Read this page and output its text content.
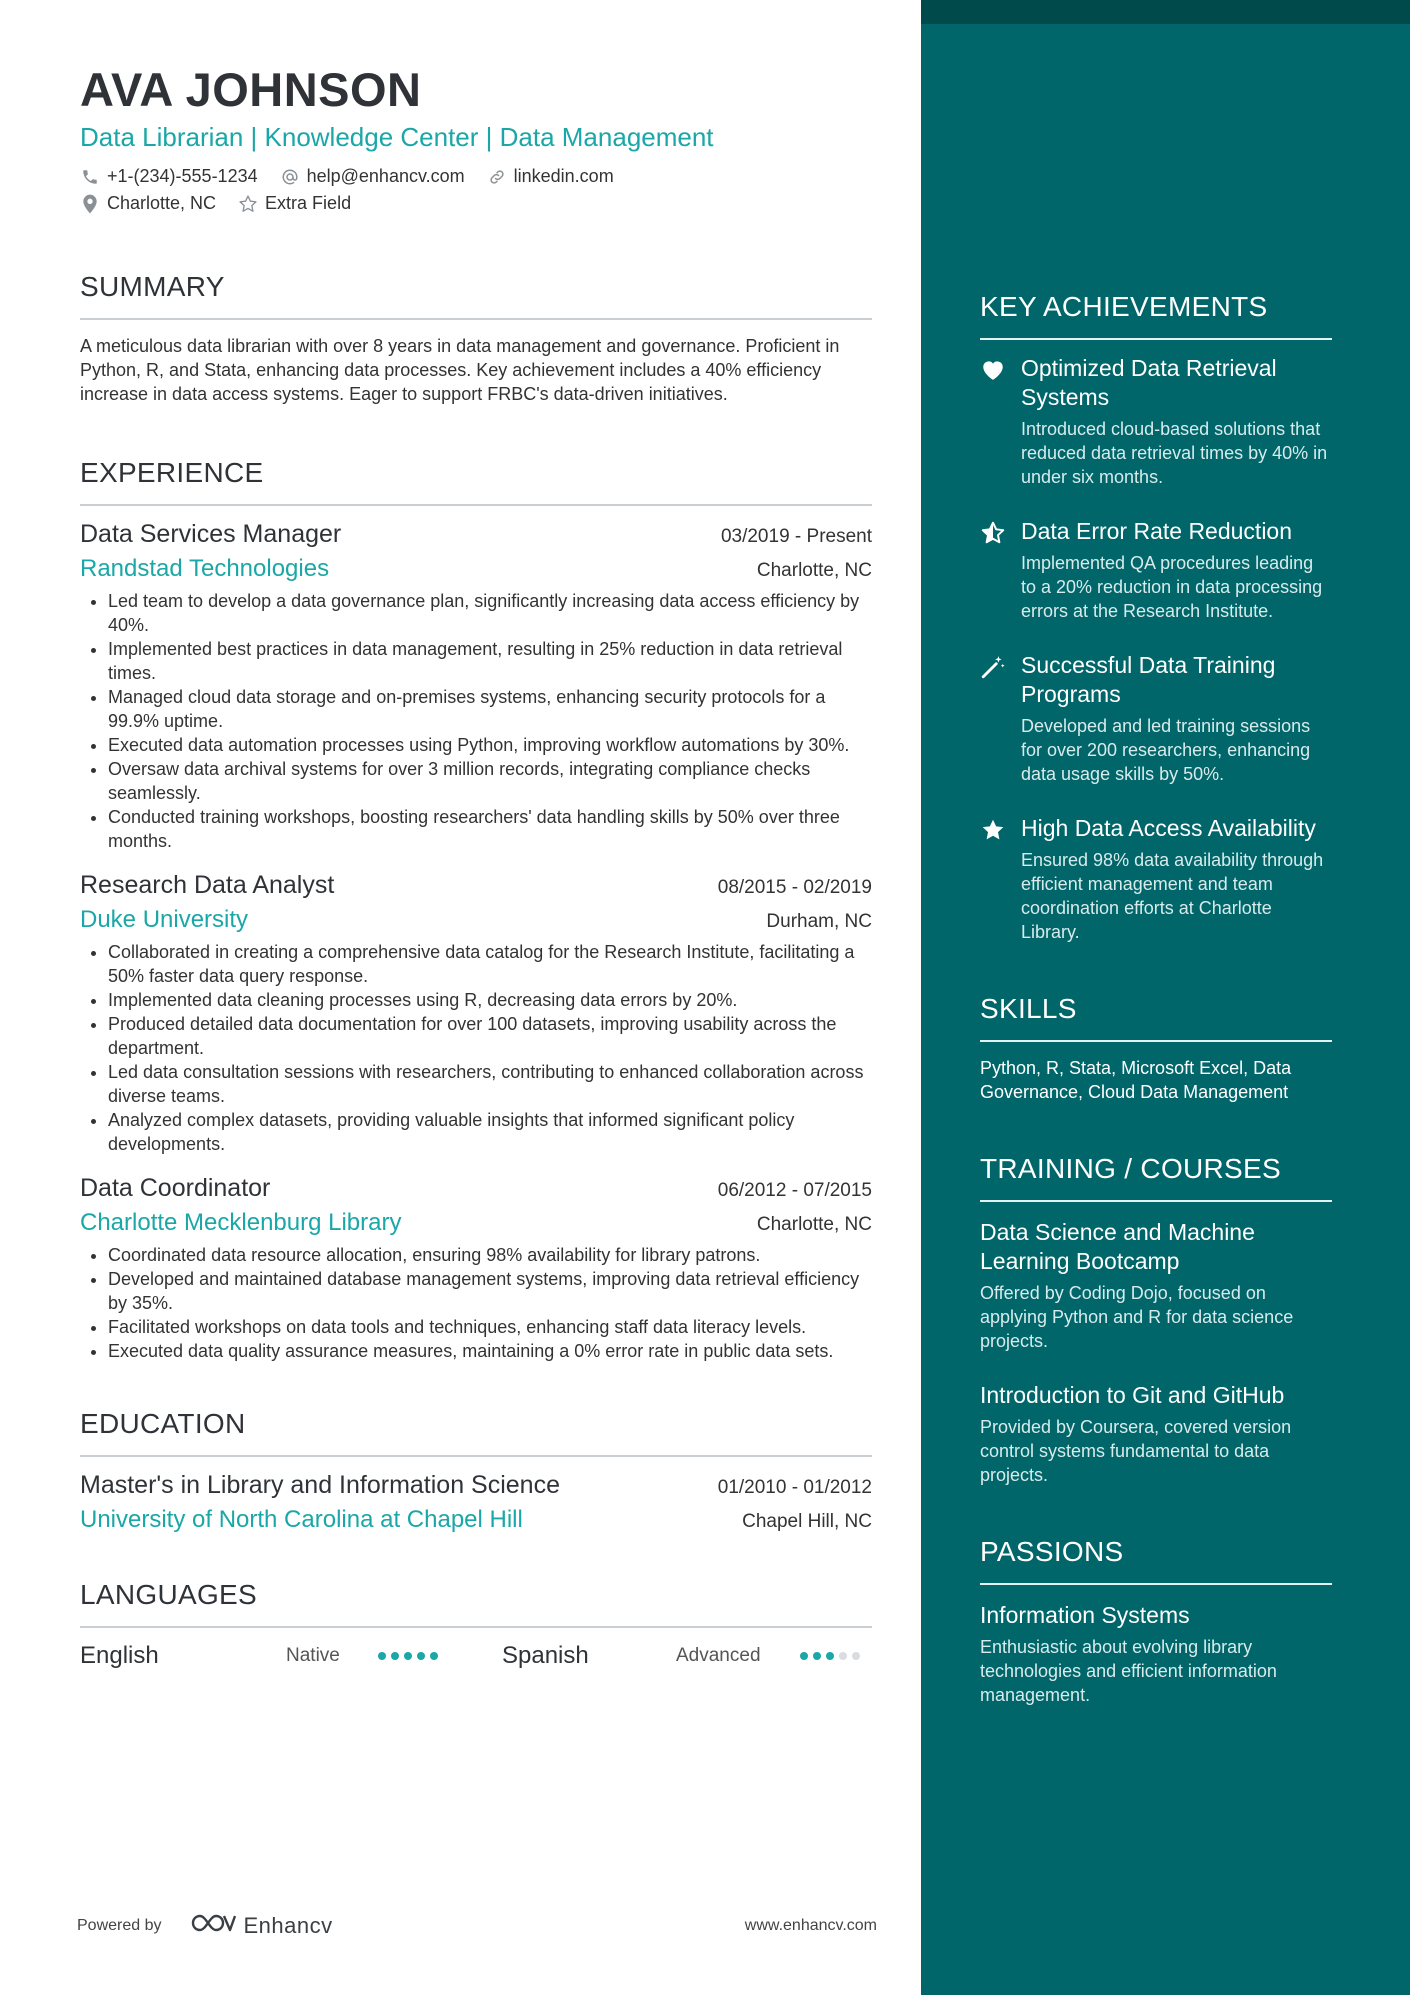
AVA JOHNSON
Data Librarian | Knowledge Center | Data Management
+1-(234)-555-1234	help@enhancv.com	linkedin.com
Charlotte, NC	Extra Field
SUMMARY
A meticulous data librarian with over 8 years in data management and governance. Proficient in Python, R, and Stata, enhancing data processes. Key achievement includes a 40% efficiency increase in data access systems. Eager to support FRBC's data-driven initiatives.
EXPERIENCE
Data Services Manager	03/2019 - Present
Randstad Technologies	Charlotte, NC
• Led team to develop a data governance plan, significantly increasing data access efficiency by 40%.
• Implemented best practices in data management, resulting in 25% reduction in data retrieval times.
• Managed cloud data storage and on-premises systems, enhancing security protocols for a 99.9% uptime.
• Executed data automation processes using Python, improving workflow automations by 30%.
• Oversaw data archival systems for over 3 million records, integrating compliance checks seamlessly.
• Conducted training workshops, boosting researchers' data handling skills by 50% over three months.
Research Data Analyst	08/2015 - 02/2019
Duke University	Durham, NC
• Collaborated in creating a comprehensive data catalog for the Research Institute, facilitating a 50% faster data query response.
• Implemented data cleaning processes using R, decreasing data errors by 20%.
• Produced detailed data documentation for over 100 datasets, improving usability across the department.
• Led data consultation sessions with researchers, contributing to enhanced collaboration across diverse teams.
• Analyzed complex datasets, providing valuable insights that informed significant policy developments.
Data Coordinator	06/2012 - 07/2015
Charlotte Mecklenburg Library	Charlotte, NC
• Coordinated data resource allocation, ensuring 98% availability for library patrons.
• Developed and maintained database management systems, improving data retrieval efficiency by 35%.
• Facilitated workshops on data tools and techniques, enhancing staff data literacy levels.
• Executed data quality assurance measures, maintaining a 0% error rate in public data sets.
EDUCATION
Master's in Library and Information Science	01/2010 - 01/2012
University of North Carolina at Chapel Hill	Chapel Hill, NC
LANGUAGES
English	Native	Spanish	Advanced
Powered by	Enhancv	www.enhancv.com
KEY ACHIEVEMENTS
Optimized Data Retrieval Systems
Introduced cloud-based solutions that reduced data retrieval times by 40% in under six months.
Data Error Rate Reduction
Implemented QA procedures leading to a 20% reduction in data processing errors at the Research Institute.
Successful Data Training Programs
Developed and led training sessions for over 200 researchers, enhancing data usage skills by 50%.
High Data Access Availability
Ensured 98% data availability through efficient management and team coordination efforts at Charlotte Library.
SKILLS
Python, R, Stata, Microsoft Excel, Data Governance, Cloud Data Management
TRAINING / COURSES
Data Science and Machine Learning Bootcamp
Offered by Coding Dojo, focused on applying Python and R for data science projects.
Introduction to Git and GitHub
Provided by Coursera, covered version control systems fundamental to data projects.
PASSIONS
Information Systems
Enthusiastic about evolving library technologies and efficient information management.
